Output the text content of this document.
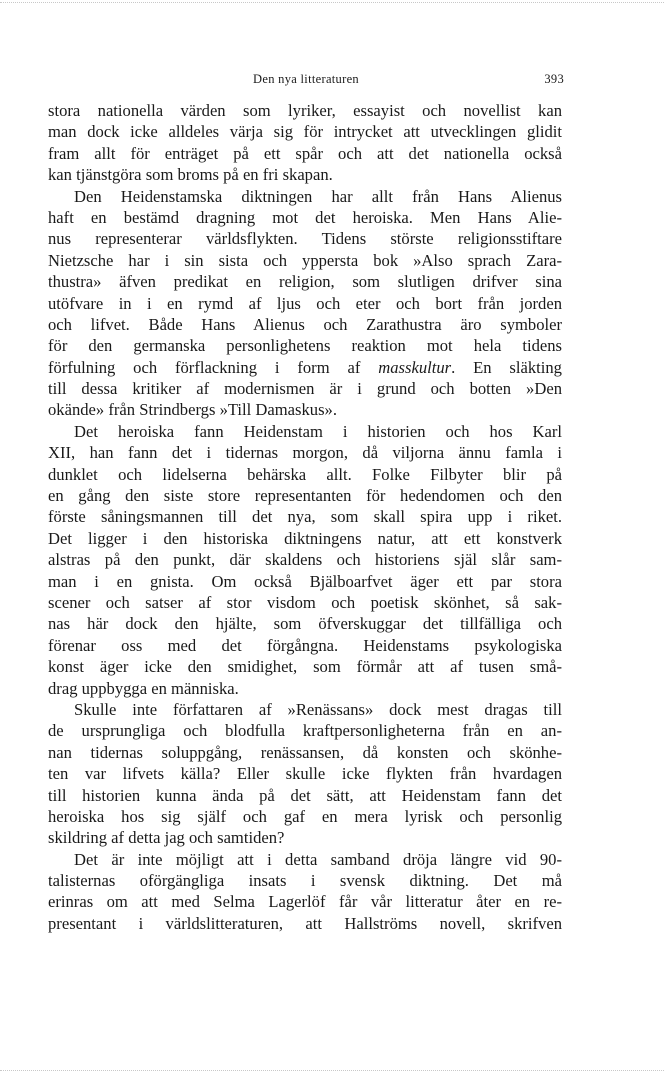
Den nya litteraturen	393
stora nationella värden som lyriker, essayist och novellist kan
man dock icke alldeles värja sig för intrycket att utvecklingen glidit
fram allt för enträget på ett spår och att det nationella också
kan tjänstgöra som broms på en fri skapan.
Den Heidenstamska diktningen har allt från Hans Alienus
haft en bestämd dragning mot det heroiska. Men Hans Alie-
nus representerar världsflykten. Tidens störste religionsstiftare
Nietzsche har i sin sista och yppersta bok »Also sprach Zara-
thustra» äfven predikat en religion, som slutligen drifver sina
utöfvare in i en rymd af ljus och eter och bort från jorden
och lifvet. Både Hans Alienus och Zarathustra äro symboler
för den germanska personlighetens reaktion mot hela tidens
förfulning och förflackning i form af masskultur. En släkting
till dessa kritiker af modernismen är i grund och botten »Den
okände» från Strindbergs »Till Damaskus».
Det heroiska fann Heidenstam i historien och hos Karl
XII, han fann det i tidernas morgon, då viljorna ännu famla i
dunklet och lidelserna behärska allt. Folke Filbyter blir på
en gång den siste store representanten för hedendomen och den
förste såningsmannen till det nya, som skall spira upp i riket.
Det ligger i den historiska diktningens natur, att ett konstverk
alstras på den punkt, där skaldens och historiens själ slår sam-
man i en gnista. Om också Bjälboarfvet äger ett par stora
scener och satser af stor visdom och poetisk skönhet, så sak-
nas här dock den hjälte, som öfverskuggar det tillfälliga och
förenar oss med det förgångna. Heidenstams psykologiska
konst äger icke den smidighet, som förmår att af tusen små-
drag uppbygga en människa.
Skulle inte författaren af »Renässans» dock mest dragas till
de ursprungliga och blodfulla kraftpersonligheterna från en an-
nan tidernas soluppgång, renässansen, då konsten och skönhe-
ten var lifvets källa? Eller skulle icke flykten från hvardagen
till historien kunna ända på det sätt, att Heidenstam fann det
heroiska hos sig själf och gaf en mera lyrisk och personlig
skildring af detta jag och samtiden?
Det är inte möjligt att i detta samband dröja längre vid 90-
talisternas oförgängliga insats i svensk diktning. Det må
erinras om att med Selma Lagerlöf får vår litteratur åter en re-
presentant i världslitteraturen, att Hallströms novell, skrifven
